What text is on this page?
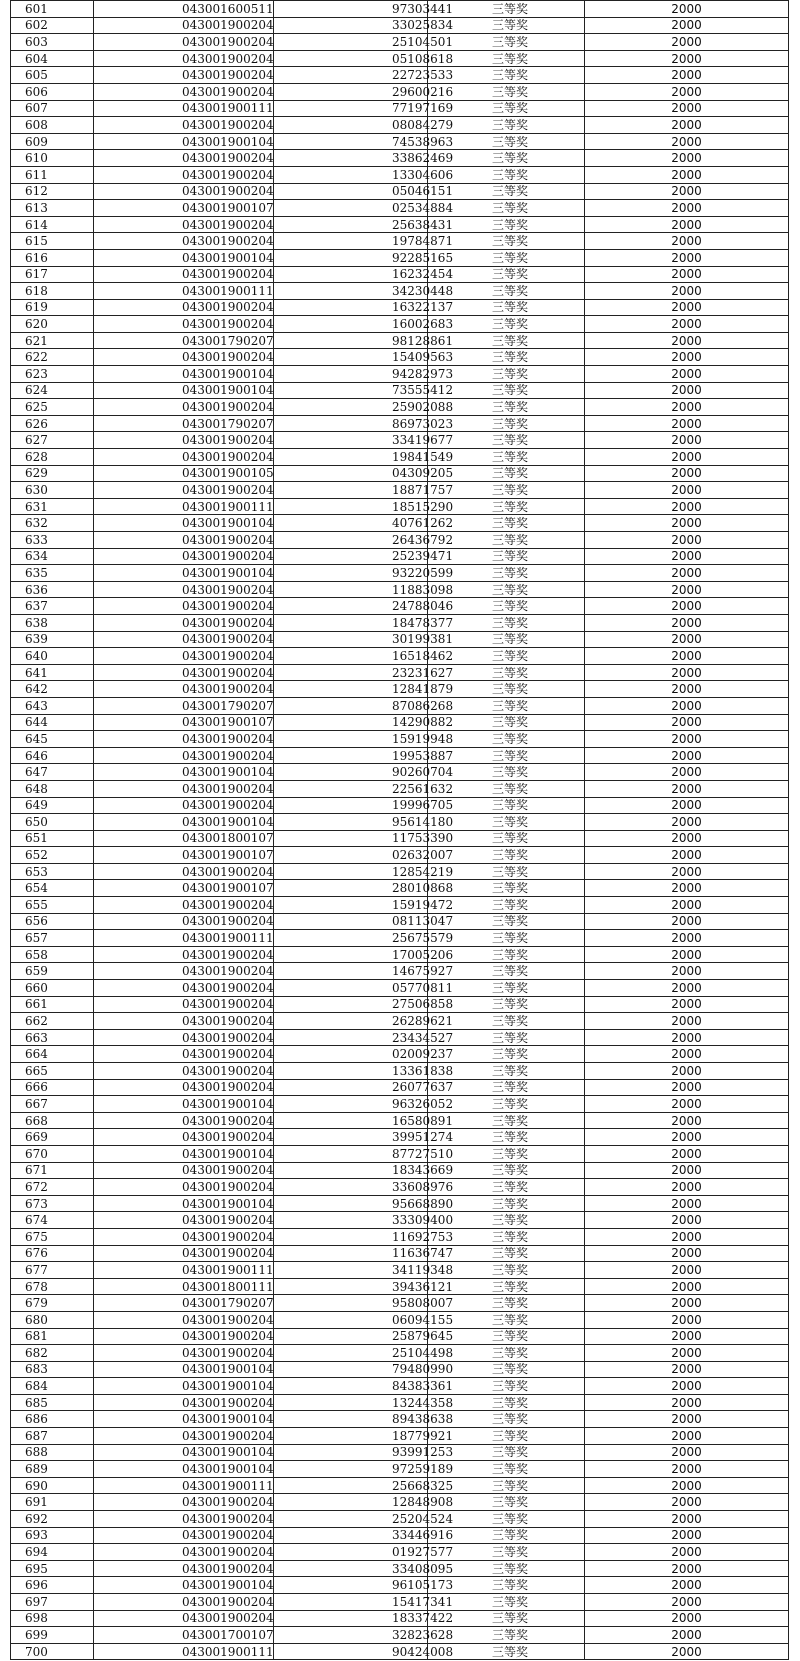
601	043001600511	97303441	三等奖	2000
602	043001900204	33025834	三等奖	2000
603	043001900204	25104501	三等奖	2000
604	043001900204	05108618	三等奖	2000
605	043001900204	22723533	三等奖	2000
606	043001900204	29600216	三等奖	2000
607	043001900111	77197169	三等奖	2000
608	043001900204	08084279	三等奖	2000
609	043001900104	74538963	三等奖	2000
610	043001900204	33862469	三等奖	2000
611	043001900204	13304606	三等奖	2000
612	043001900204	05046151	三等奖	2000
613	043001900107	02534884	三等奖	2000
614	043001900204	25638431	三等奖	2000
615	043001900204	19784871	三等奖	2000
616	043001900104	92285165	三等奖	2000
617	043001900204	16232454	三等奖	2000
618	043001900111	34230448	三等奖	2000
619	043001900204	16322137	三等奖	2000
620	043001900204	16002683	三等奖	2000
621	043001790207	98128861	三等奖	2000
622	043001900204	15409563	三等奖	2000
623	043001900104	94282973	三等奖	2000
624	043001900104	73555412	三等奖	2000
625	043001900204	25902088	三等奖	2000
626	043001790207	86973023	三等奖	2000
627	043001900204	33419677	三等奖	2000
628	043001900204	19841549	三等奖	2000
629	043001900105	04309205	三等奖	2000
630	043001900204	18871757	三等奖	2000
631	043001900111	18515290	三等奖	2000
632	043001900104	40761262	三等奖	2000
633	043001900204	26436792	三等奖	2000
634	043001900204	25239471	三等奖	2000
635	043001900104	93220599	三等奖	2000
636	043001900204	11883098	三等奖	2000
637	043001900204	24788046	三等奖	2000
638	043001900204	18478377	三等奖	2000
639	043001900204	30199381	三等奖	2000
640	043001900204	16518462	三等奖	2000
641	043001900204	23231627	三等奖	2000
642	043001900204	12841879	三等奖	2000
643	043001790207	87086268	三等奖	2000
644	043001900107	14290882	三等奖	2000
645	043001900204	15919948	三等奖	2000
646	043001900204	19953887	三等奖	2000
647	043001900104	90260704	三等奖	2000
648	043001900204	22561632	三等奖	2000
649	043001900204	19996705	三等奖	2000
650	043001900104	95614180	三等奖	2000
651	043001800107	11753390	三等奖	2000
652	043001900107	02632007	三等奖	2000
653	043001900204	12854219	三等奖	2000
654	043001900107	28010868	三等奖	2000
655	043001900204	15919472	三等奖	2000
656	043001900204	08113047	三等奖	2000
657	043001900111	25675579	三等奖	2000
658	043001900204	17005206	三等奖	2000
659	043001900204	14675927	三等奖	2000
660	043001900204	05770811	三等奖	2000
661	043001900204	27506858	三等奖	2000
662	043001900204	26289621	三等奖	2000
663	043001900204	23434527	三等奖	2000
664	043001900204	02009237	三等奖	2000
665	043001900204	13361838	三等奖	2000
666	043001900204	26077637	三等奖	2000
667	043001900104	96326052	三等奖	2000
668	043001900204	16580891	三等奖	2000
669	043001900204	39951274	三等奖	2000
670	043001900104	87727510	三等奖	2000
671	043001900204	18343669	三等奖	2000
672	043001900204	33608976	三等奖	2000
673	043001900104	95668890	三等奖	2000
674	043001900204	33309400	三等奖	2000
675	043001900204	11692753	三等奖	2000
676	043001900204	11636747	三等奖	2000
677	043001900111	34119348	三等奖	2000
678	043001800111	39436121	三等奖	2000
679	043001790207	95808007	三等奖	2000
680	043001900204	06094155	三等奖	2000
681	043001900204	25879645	三等奖	2000
682	043001900204	25104498	三等奖	2000
683	043001900104	79480990	三等奖	2000
684	043001900104	84383361	三等奖	2000
685	043001900204	13244358	三等奖	2000
686	043001900104	89438638	三等奖	2000
687	043001900204	18779921	三等奖	2000
688	043001900104	93991253	三等奖	2000
689	043001900104	97259189	三等奖	2000
690	043001900111	25668325	三等奖	2000
691	043001900204	12848908	三等奖	2000
692	043001900204	25204524	三等奖	2000
693	043001900204	33446916	三等奖	2000
694	043001900204	01927577	三等奖	2000
695	043001900204	33408095	三等奖	2000
696	043001900104	96105173	三等奖	2000
697	043001900204	15417341	三等奖	2000
698	043001900204	18337422	三等奖	2000
699	043001700107	32823628	三等奖	2000
700	043001900111	90424008	三等奖	2000
